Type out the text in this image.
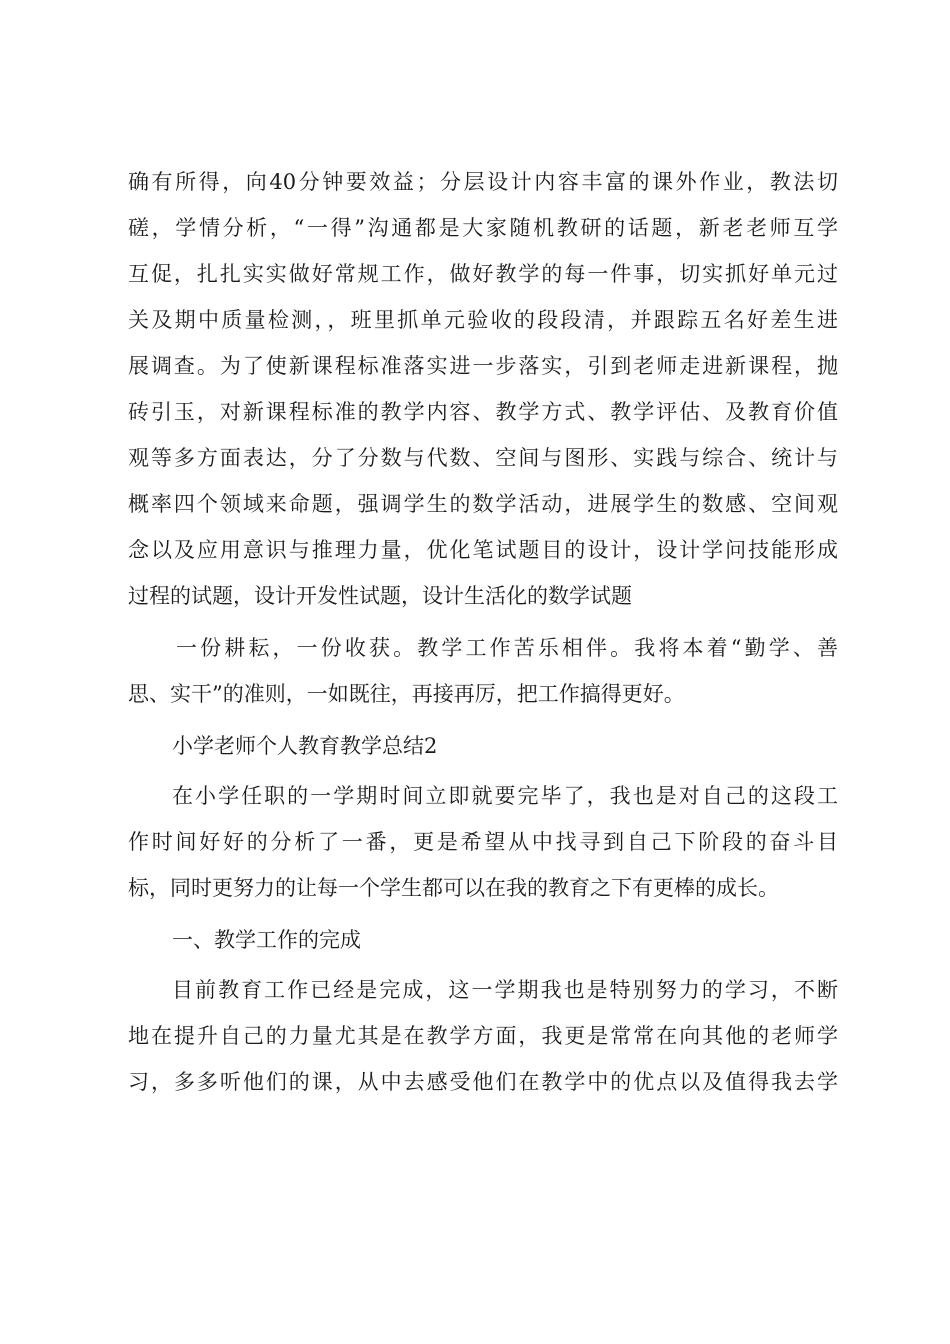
确有所得，向40分钟要效益；分层设计内容丰富的课外作业，教法切
磋，学情分析，“一得”沟通都是大家随机教研的话题，新老老师互学
互促，扎扎实实做好常规工作，做好教学的每一件事，切实抓好单元过
关及期中质量检测，，班里抓单元验收的段段清，并跟踪五名好差生进
展调查。为了使新课程标准落实进一步落实，引到老师走进新课程，抛
砖引玉，对新课程标准的教学内容、教学方式、教学评估、及教育价值
观等多方面表达，分了分数与代数、空间与图形、实践与综合、统计与
概率四个领域来命题，强调学生的数学活动，进展学生的数感、空间观
念以及应用意识与推理力量，优化笔试题目的设计，设计学问技能形成
过程的试题，设计开发性试题，设计生活化的数学试题
一份耕耘，一份收获。教学工作苦乐相伴。我将本着“勤学、善
思、实干”的准则，一如既往，再接再厉，把工作搞得更好。
小学老师个人教育教学总结2
在小学任职的一学期时间立即就要完毕了，我也是对自己的这段工
作时间好好的分析了一番，更是希望从中找寻到自己下阶段的奋斗目
标，同时更努力的让每一个学生都可以在我的教育之下有更棒的成长。
一、教学工作的完成
目前教育工作已经是完成，这一学期我也是特别努力的学习，不断
地在提升自己的力量尤其是在教学方面，我更是常常在向其他的老师学
习，多多听他们的课，从中去感受他们在教学中的优点以及值得我去学
